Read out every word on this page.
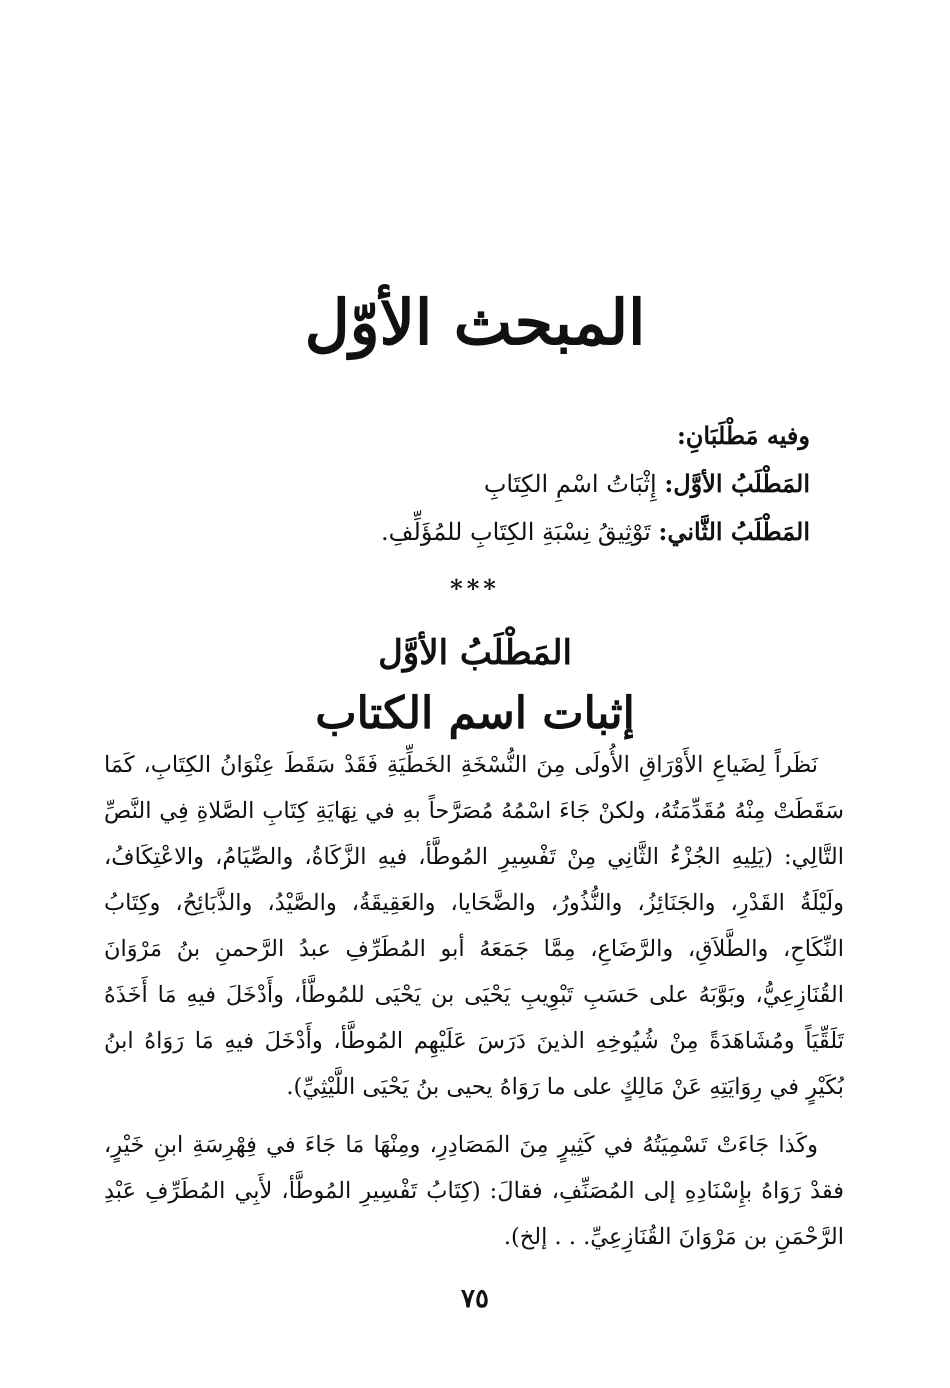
المبحث الأوّل
وفيه مَطْلَبَانِ:
المَطْلَبُ الأوَّل: إِثْبَاتُ اسْمِ الكِتَابِ
المَطْلَبُ الثَّاني: تَوْثِيقُ نِسْبَةِ الكِتَابِ للمُؤَلِّفِ.
***
المَطْلَبُ الأوَّل
إثبات اسم الكتاب

نَظَراً لِضَياعِ الأَوْرَاقِ الأُولَى مِنَ النُّسْخَةِ الخَطِّيَةِ فَقَدْ سَقَطَ عِنْوَانُ الكِتَابِ، كَمَا سَقَطَتْ مِنْهُ مُقَدِّمَتُهُ، ولكنْ جَاءَ اسْمُهُ مُصَرَّحاً بهِ في نِهَايَةِ كِتَابِ الصَّلاةِ فِي النَّصِّ التَّالِي: (يَلِيهِ الجُزْءُ الثَّانِي مِنْ تَفْسِيرِ المُوطَّأ، فيهِ الزَّكَاةُ، والصِّيَامُ، والاعْتِكَافُ، ولَيْلَةُ القَدْرِ، والجَنَائِزُ، والنُّذُورُ، والضَّحَايا، والعَقِيقَةُ، والصَّيْدُ، والذَّبَائِحُ، وكِتَابُ النِّكَاحِ، والطَّلاَقِ، والرَّضَاعِ، مِمَّا جَمَعَهُ أبو المُطَرِّفِ عبدُ الرَّحمنِ بنُ مَرْوَانَ القُنَازِعِيُّ، وبَوَّبَهُ على حَسَبِ تَبْوِيبِ يَحْيَى بن يَحْيَى للمُوطَّأ، وأَدْخَلَ فيهِ مَا أَخَذَهُ تَلَقِّيَاً ومُشَاهَدَةً مِنْ شُيُوخِهِ الذينَ دَرَسَ عَلَيْهِم المُوطَّأ، وأَدْخَلَ فيهِ مَا رَوَاهُ ابنُ بُكَيْرٍ في رِوَايَتِهِ عَنْ مَالِكٍ على ما رَوَاهُ يحيى بنُ يَحْيَى اللَّيْثِيِّ).

وكَذا جَاءَتْ تَسْمِيَتُهُ في كَثِيرٍ مِنَ المَصَادِرِ، ومِنْهَا مَا جَاءَ في فِهْرِسَةِ ابنِ خَيْرٍ، فقدْ رَوَاهُ بإِسْنَادِهِ إلى المُصَنِّفِ، فقالَ: (كِتَابُ تَفْسِيرِ المُوطَّأ، لأَبِي المُطَرِّفِ عَبْدِ الرَّحْمَنِ بن مَرْوَانَ القُنَازِعِيِّ. . . إلخ).

٧٥
